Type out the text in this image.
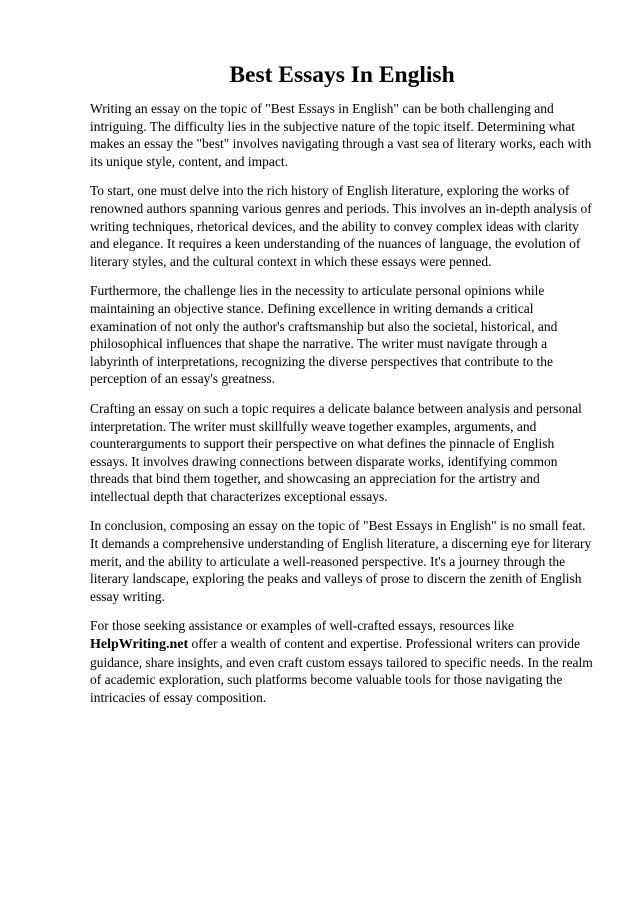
Best Essays In English

Writing an essay on the topic of "Best Essays in English" can be both challenging and intriguing. The difficulty lies in the subjective nature of the topic itself. Determining what makes an essay the "best" involves navigating through a vast sea of literary works, each with its unique style, content, and impact.

To start, one must delve into the rich history of English literature, exploring the works of renowned authors spanning various genres and periods. This involves an in-depth analysis of writing techniques, rhetorical devices, and the ability to convey complex ideas with clarity and elegance. It requires a keen understanding of the nuances of language, the evolution of literary styles, and the cultural context in which these essays were penned.

Furthermore, the challenge lies in the necessity to articulate personal opinions while maintaining an objective stance. Defining excellence in writing demands a critical examination of not only the author's craftsmanship but also the societal, historical, and philosophical influences that shape the narrative. The writer must navigate through a labyrinth of interpretations, recognizing the diverse perspectives that contribute to the perception of an essay's greatness.

Crafting an essay on such a topic requires a delicate balance between analysis and personal interpretation. The writer must skillfully weave together examples, arguments, and counterarguments to support their perspective on what defines the pinnacle of English essays. It involves drawing connections between disparate works, identifying common threads that bind them together, and showcasing an appreciation for the artistry and intellectual depth that characterizes exceptional essays.

In conclusion, composing an essay on the topic of "Best Essays in English" is no small feat. It demands a comprehensive understanding of English literature, a discerning eye for literary merit, and the ability to articulate a well-reasoned perspective. It's a journey through the literary landscape, exploring the peaks and valleys of prose to discern the zenith of English essay writing.

For those seeking assistance or examples of well-crafted essays, resources like HelpWriting.net offer a wealth of content and expertise. Professional writers can provide guidance, share insights, and even craft custom essays tailored to specific needs. In the realm of academic exploration, such platforms become valuable tools for those navigating the intricacies of essay composition.
